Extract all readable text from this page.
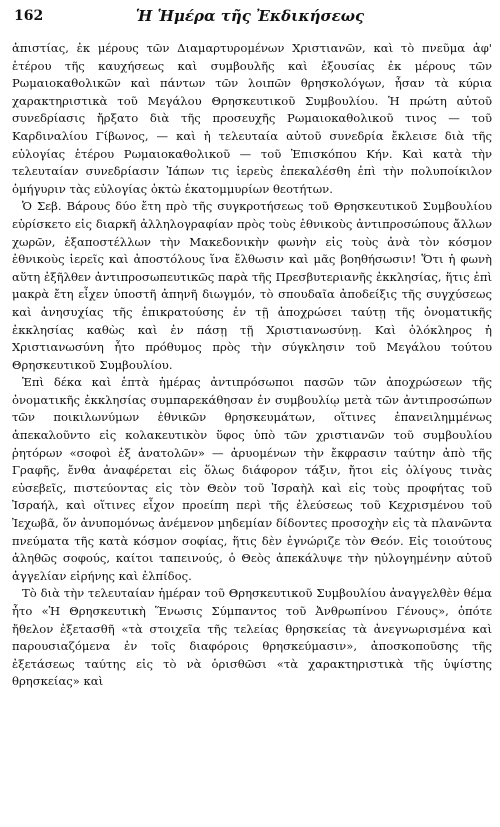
162	Ἡ Ἡμέρα τῆς Ἐκδικήσεως

ἀπιστίας, ἐκ μέρους τῶν Διαμαρτυρομένων Χριστιανῶν, καὶ τὸ πνεῦμα ἀφ' ἑτέρου τῆς καυχήσεως καὶ συμβουλῆς καὶ ἐξουσίας ἐκ μέρους τῶν Ρωμαιοκαθολικῶν καὶ πάντων τῶν λοιπῶν θρησκολόγων, ἦσαν τὰ κύρια χαρακτηριστικὰ τοῦ Μεγάλου Θρησκευτικοῦ Συμβουλίου. Ἡ πρώτη αὐτοῦ συνεδρίασις ἤρξατο διὰ τῆς προσευχῆς Ρωμαιοκαθολικοῦ τινος — τοῦ Καρδιναλίου Γίβωνος, — καὶ ἡ τελευταία αὐτοῦ συνεδρία ἔκλεισε διὰ τῆς εὐλογίας ἑτέρου Ρωμαιοκαθολικοῦ — τοῦ Ἐπισκόπου Κήν. Καὶ κατὰ τὴν τελευταίαν συνεδρίασιν Ἰάπων τις ἱερεὺς ἐπεκαλέσθη ἐπὶ τὴν πολυποίκιλον ὁμήγυριν τὰς εὐλογίας ὀκτὼ ἑκατομμυρίων θεοτήτων.

Ὁ Σεβ. Βάρους δύο ἔτη πρὸ τῆς συγκροτήσεως τοῦ Θρησκευτικοῦ Συμβουλίου εὑρίσκετο εἰς διαρκῆ ἀλληλογραφίαν πρὸς τοὺς ἐθνικοὺς ἀντιπροσώπους ἄλλων χωρῶν, ἐξαποστέλλων τὴν Μακεδονικὴν φωνὴν εἰς τοὺς ἀνὰ τὸν κόσμον ἐθνικοὺς ἱερεῖς καὶ ἀποστόλους ἵνα ἔλθωσιν καὶ μᾶς βοηθήσωσιν! Ὅτι ἡ φωνὴ αὕτη ἐξῆλθεν ἀντιπροσωπευτικῶς παρὰ τῆς Πρεσβυτεριανῆς ἐκκλησίας, ἥτις ἐπὶ μακρὰ ἔτη εἶχεν ὑποστῆ ἀπηνῆ διωγμόν, τὸ σπουδαῖα ἀποδείξις τῆς συγχύσεως καὶ ἀνησυχίας τῆς ἐπικρατούσης ἐν τῇ ἀποχρώσει ταύτῃ τῆς ὀνοματικῆς ἐκκλησίας καθὼς καὶ ἐν πάσῃ τῇ Χριστιανωσύνῃ. Καὶ ὁλόκληρος ἡ Χριστιανωσύνη ἦτο πρόθυμος πρὸς τὴν σύγκλησιν τοῦ Μεγάλου τούτου Θρησκευτικοῦ Συμβουλίου.

Ἐπὶ δέκα καὶ ἑπτὰ ἡμέρας ἀντιπρόσωποι πασῶν τῶν ἀποχρώσεων τῆς ὀνοματικῆς ἐκκλησίας συμπαρεκάθησαν ἐν συμβουλίῳ μετὰ τῶν ἀντιπροσώπων τῶν ποικιλωνύμων ἐθνικῶν θρησκευμάτων, οἵτινες ἐπανειλημμένως ἀπεκαλοῦντο εἰς κολακευτικὸν ὕφος ὑπὸ τῶν χριστιανῶν τοῦ συμβουλίου ῥητόρων «σοφοὶ ἐξ ἀνατολῶν» — ἀρυομένων τὴν ἔκφρασιν ταύτην ἀπὸ τῆς Γραφῆς, ἔνθα ἀναφέρεται εἰς ὅλως διάφορον τάξιν, ἤτοι εἰς ὀλίγους τινὰς εὐσεβεῖς, πιστεύοντας εἰς τὸν Θεὸν τοῦ Ἰσραὴλ καὶ εἰς τοὺς προφήτας τοῦ Ἰσραήλ, καὶ οἵτινες εἶχον προείπη περὶ τῆς ἐλεύσεως τοῦ Κεχρισμένου τοῦ Ἰεχωβᾶ, ὅν ἀνυπομόνως ἀνέμενον μηδεμίαν δίδοντες προσοχὴν εἰς τὰ πλανῶντα πνεύματα τῆς κατὰ κόσμον σοφίας, ἥτις δὲν ἐγνώριζε τὸν Θεόν. Εἰς τοιούτους ἀληθῶς σοφούς, καίτοι ταπεινούς, ὁ Θεὸς ἀπεκάλυψε τὴν ηὐλογημένην αὐτοῦ ἀγγελίαν εἰρήνης καὶ ἐλπίδος.

Τὸ διὰ τὴν τελευταίαν ἡμέραν τοῦ Θρησκευτικοῦ Συμβουλίου ἀναγγελθὲν θέμα ἦτο «Ἡ Θρησκευτικὴ Ἕνωσις Σύμπαντος τοῦ Ἀνθρωπίνου Γένους», ὁπότε ἤθελον ἐξετασθῆ «τὰ στοιχεῖα τῆς τελείας θρησκείας τὰ ἀνεγνωρισμένα καὶ παρουσιαζόμενα ἐν τοῖς διαφόροις θρησκεύμασιν», ἀποσκοποῦσης τῆς ἐξετάσεως ταύτης εἰς τὸ νὰ ὁρισθῶσι «τὰ χαρακτηριστικὰ τῆς ὑψίστης θρησκείας» καὶ
